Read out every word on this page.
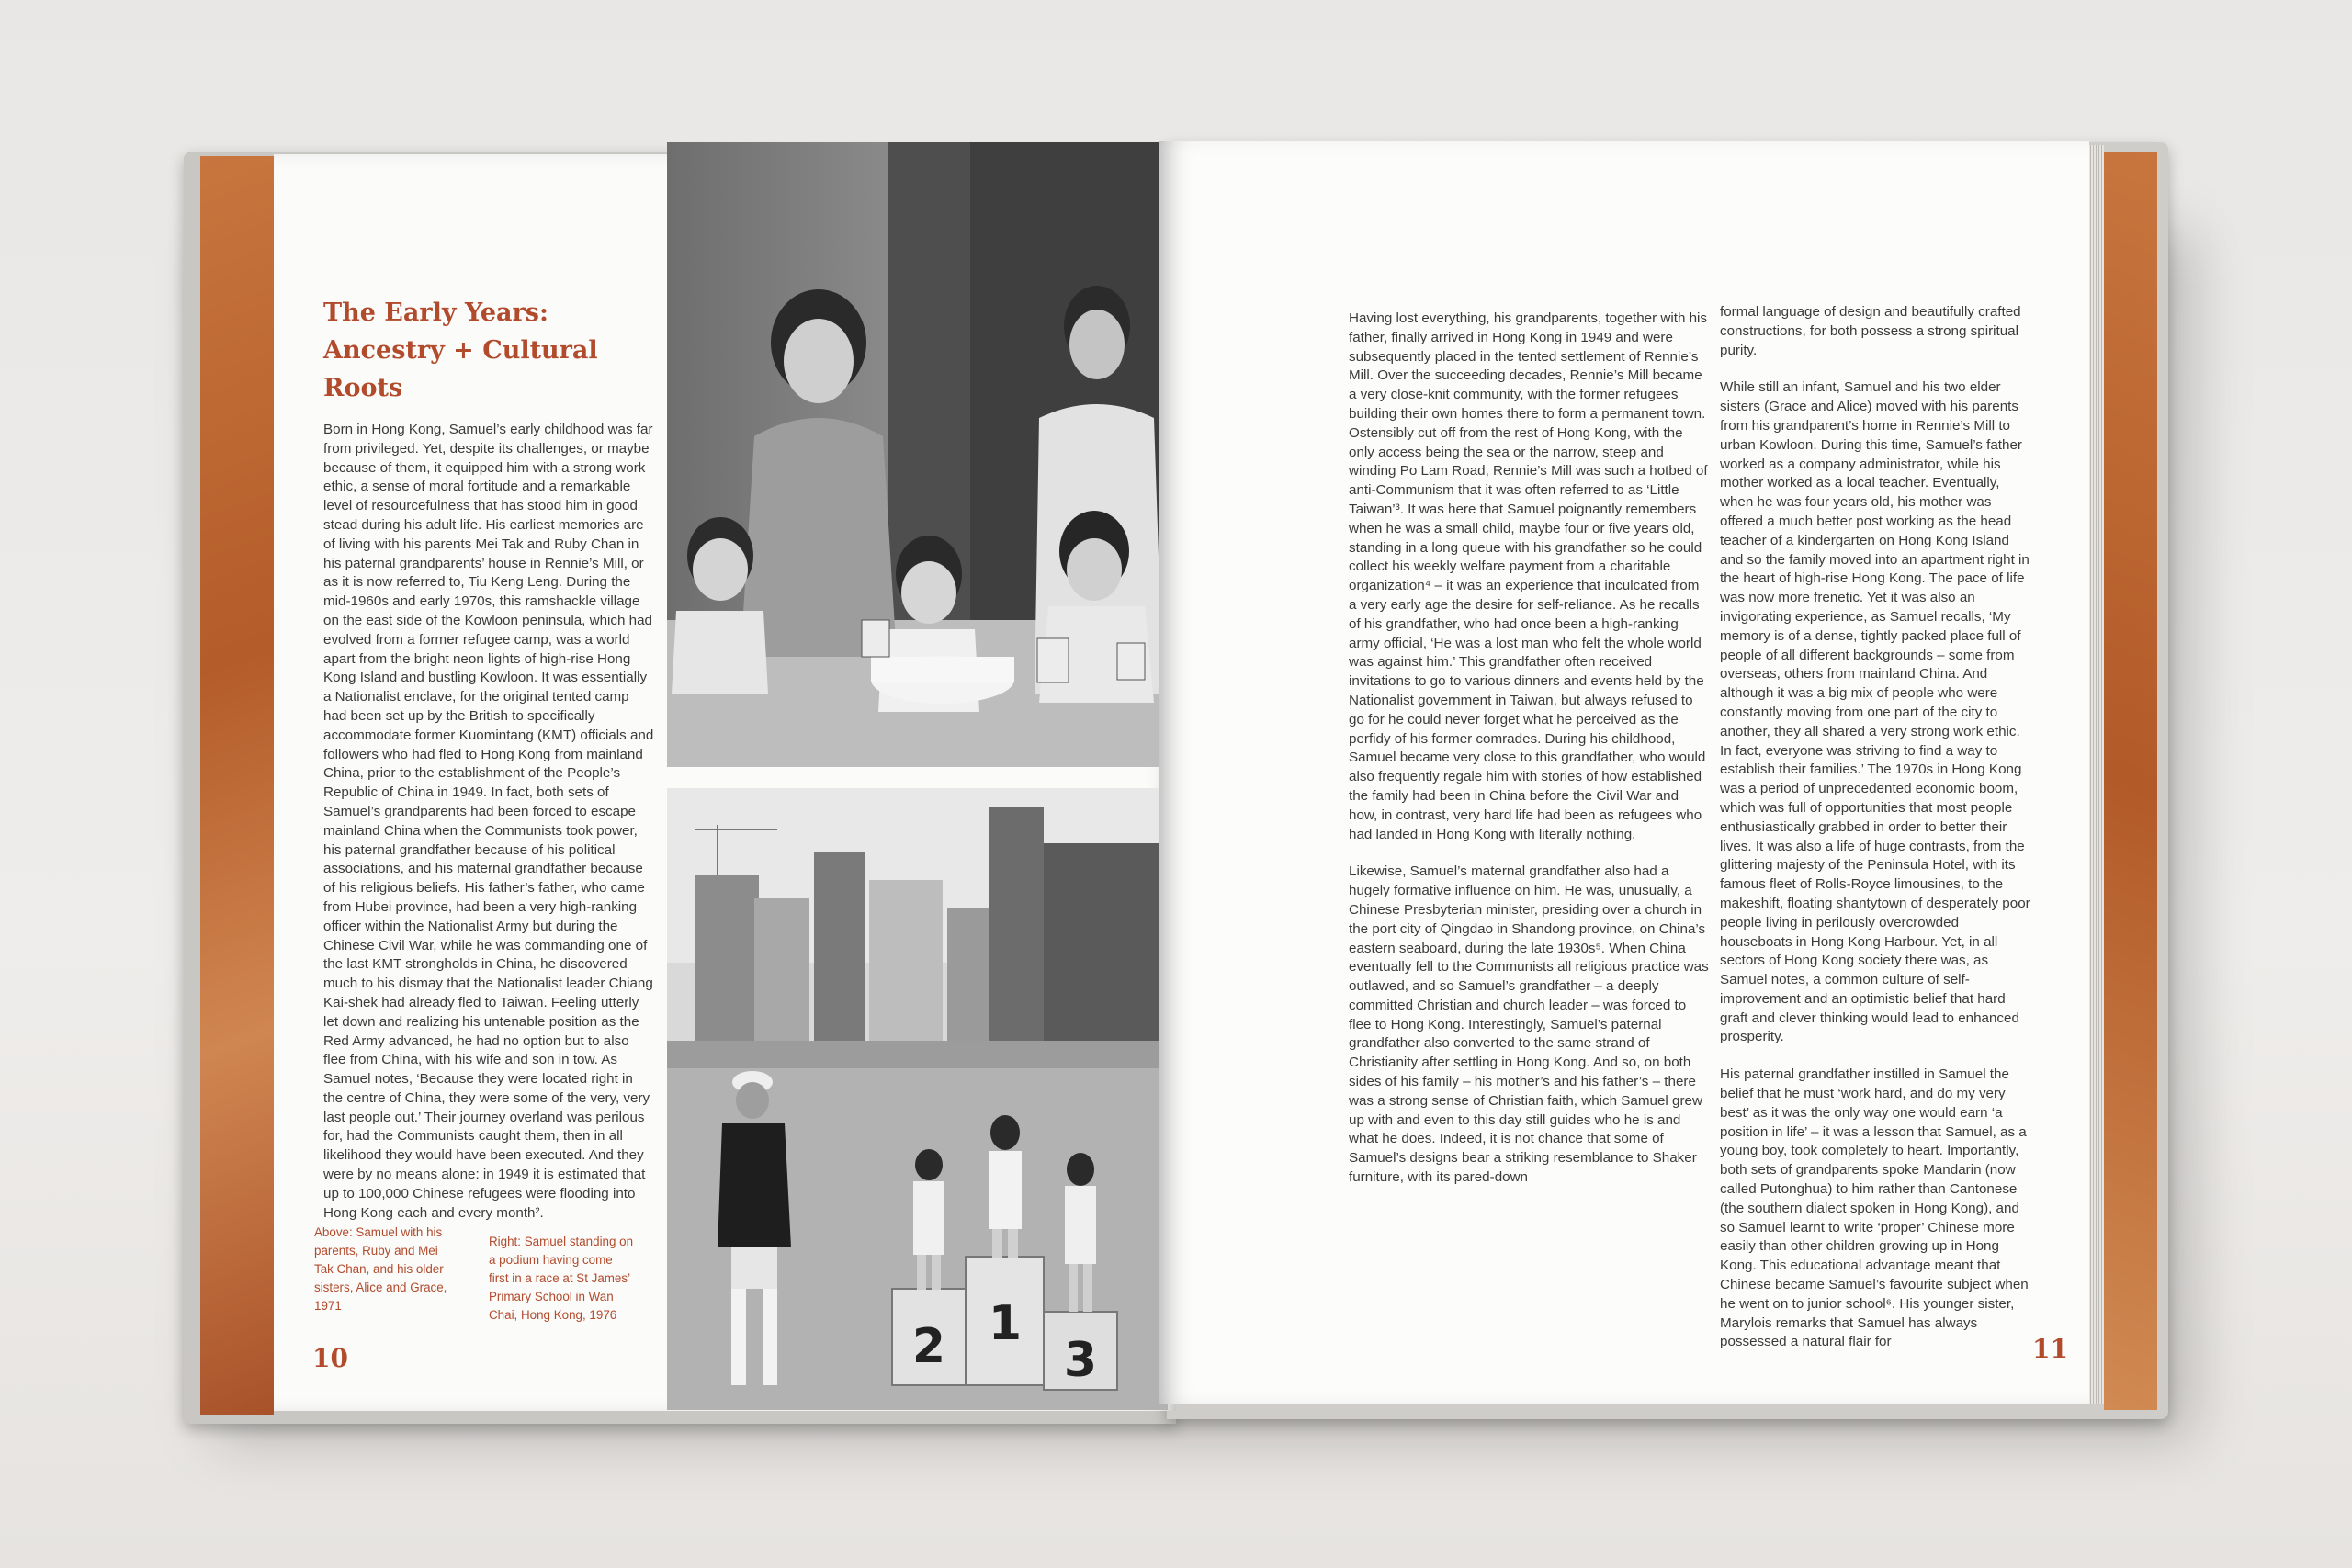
The Early Years:
Ancestry + Cultural Roots

Born in Hong Kong, Samuel’s early childhood was far from privileged. Yet, despite its challenges, or maybe because of them, it equipped him with a strong work ethic, a sense of moral fortitude and a remarkable level of resourcefulness that has stood him in good stead during his adult life. His earliest memories are of living with his parents Mei Tak and Ruby Chan in his paternal grandparents’ house in Rennie’s Mill, or as it is now referred to, Tiu Keng Leng. During the mid-1960s and early 1970s, this ramshackle village on the east side of the Kowloon peninsula, which had evolved from a former refugee camp, was a world apart from the bright neon lights of high-rise Hong Kong Island and bustling Kowloon. It was essentially a Nationalist enclave, for the original tented camp had been set up by the British to specifically accommodate former Kuomintang (KMT) officials and followers who had fled to Hong Kong from mainland China, prior to the establishment of the People’s Republic of China in 1949. In fact, both sets of Samuel’s grandparents had been forced to escape mainland China when the Communists took power, his paternal grandfather because of his political associations, and his maternal grandfather because of his religious beliefs. His father’s father, who came from Hubei province, had been a very high-ranking officer within the Nationalist Army but during the Chinese Civil War, while he was commanding one of the last KMT strongholds in China, he discovered much to his dismay that the Nationalist leader Chiang Kai-shek had already fled to Taiwan. Feeling utterly let down and realizing his untenable position as the Red Army advanced, he had no option but to also flee from China, with his wife and son in tow. As Samuel notes, ‘Because they were located right in the centre of China, they were some of the very, very last people out.’ Their journey overland was perilous for, had the Communists caught them, then in all likelihood they would have been executed. And they were by no means alone: in 1949 it is estimated that up to 100,000 Chinese refugees were flooding into Hong Kong each and every month².

Above: Samuel with his parents, Ruby and Mei Tak Chan, and his older sisters, Alice and Grace, 1971
Right: Samuel standing on a podium having come first in a race at St James’ Primary School in Wan Chai, Hong Kong, 1976
10	2 1
3

Having lost everything, his grandparents, together with his father, finally arrived in Hong Kong in 1949 and were subsequently placed in the tented settlement of Rennie’s Mill. Over the succeeding decades, Rennie’s Mill became a very close-knit community, with the former refugees building their own homes there to form a permanent town. Ostensibly cut off from the rest of Hong Kong, with the only access being the sea or the narrow, steep and winding Po Lam Road, Rennie’s Mill was such a hotbed of anti-Communism that it was often referred to as ‘Little Taiwan’³. It was here that Samuel poignantly remembers when he was a small child, maybe four or five years old, standing in a long queue with his grandfather so he could collect his weekly welfare payment from a charitable organization⁴ – it was an experience that inculcated from a very early age the desire for self-reliance. As he recalls of his grandfather, who had once been a high-ranking army official, ‘He was a lost man who felt the whole world was against him.’ This grandfather often received invitations to go to various dinners and events held by the Nationalist government in Taiwan, but always refused to go for he could never forget what he perceived as the perfidy of his former comrades. During his childhood, Samuel became very close to this grandfather, who would also frequently regale him with stories of how established the family had been in China before the Civil War and how, in contrast, very hard life had been as refugees who had landed in Hong Kong with literally nothing.

Likewise, Samuel’s maternal grandfather also had a hugely formative influence on him. He was, unusually, a Chinese Presbyterian minister, presiding over a church in the port city of Qingdao in Shandong province, on China’s eastern seaboard, during the late 1930s⁵. When China eventually fell to the Communists all religious practice was outlawed, and so Samuel’s grandfather – a deeply committed Christian and church leader – was forced to flee to Hong Kong. Interestingly, Samuel’s paternal grandfather also converted to the same strand of Christianity after settling in Hong Kong. And so, on both sides of his family – his mother’s and his father’s – there was a strong sense of Christian faith, which Samuel grew up with and even to this day still guides who he is and what he does. Indeed, it is not chance that some of Samuel’s designs bear a striking resemblance to Shaker furniture, with its pared-down

formal language of design and beautifully crafted constructions, for both possess a strong spiritual purity.

While still an infant, Samuel and his two elder sisters (Grace and Alice) moved with his parents from his grandparent’s home in Rennie’s Mill to urban Kowloon. During this time, Samuel’s father worked as a company administrator, while his mother worked as a local teacher. Eventually, when he was four years old, his mother was offered a much better post working as the head teacher of a kindergarten on Hong Kong Island and so the family moved into an apartment right in the heart of high-rise Hong Kong. The pace of life was now more frenetic. Yet it was also an invigorating experience, as Samuel recalls, ‘My memory is of a dense, tightly packed place full of people of all different backgrounds – some from overseas, others from mainland China. And although it was a big mix of people who were constantly moving from one part of the city to another, they all shared a very strong work ethic. In fact, everyone was striving to find a way to establish their families.’ The 1970s in Hong Kong was a period of unprecedented economic boom, which was full of opportunities that most people enthusiastically grabbed in order to better their lives. It was also a life of huge contrasts, from the glittering majesty of the Peninsula Hotel, with its famous fleet of Rolls-Royce limousines, to the makeshift, floating shantytown of desperately poor people living in perilously overcrowded houseboats in Hong Kong Harbour. Yet, in all sectors of Hong Kong society there was, as Samuel notes, a common culture of self-improvement and an optimistic belief that hard graft and clever thinking would lead to enhanced prosperity.

His paternal grandfather instilled in Samuel the belief that he must ‘work hard, and do my very best’ as it was the only way one would earn ‘a position in life’ – it was a lesson that Samuel, as a young boy, took completely to heart. Importantly, both sets of grandparents spoke Mandarin (now called Putonghua) to him rather than Cantonese (the southern dialect spoken in Hong Kong), and so Samuel learnt to write ‘proper’ Chinese more easily than other children growing up in Hong Kong. This educational advantage meant that Chinese became Samuel’s favourite subject when he went on to junior school⁶. His younger sister, Marylois remarks that Samuel has always possessed a natural flair for	11
